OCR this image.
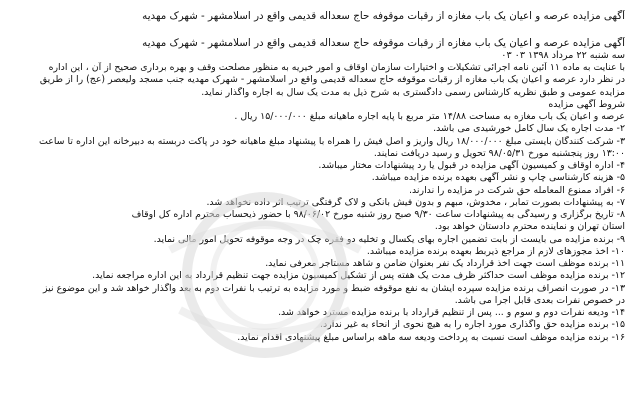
آگهی مزایده عرصه و اعیان یک باب مغازه از رقبات موقوفه حاج سعداله قدیمی واقع در اسلامشهر - شهرک مهدیه
آگهی مزایده عرصه و اعیان یک باب مغازه از رقبات موقوفه حاج سعداله قدیمی واقع در اسلامشهر - شهرک مهدیه
سه شنبه ۲۲ مرداد ۱۳۹۸ ۰۳ ۰۳
با عنایت به ماده ۱۱ آئین نامه اجرائی تشکیلات و اختیارات سازمان اوقاف و امور خیریه به منظور مصلحت وقف و بهره برداری صحیح از آن ، این اداره
در نظر دارد عرصه و اعیان یک باب مغازه از رقبات موقوفه حاج سعداله قدیمی واقع در اسلامشهر - شهرک مهدیه جنب مسجد ولیعصر (عج) را از طریق
مزایده عمومی و طبق نظریه کارشناس رسمی دادگستری به شرح ذیل به مدت یک سال به اجاره واگذار نماید.
شروط آگهی مزایده
عرصه و اعیان یک باب مغازه به مساحت ۱۴/۸۸ متر مربع با پایه اجاره ماهیانه مبلغ ۱۵/۰۰۰/۰۰۰ ریال .
۲- مدت اجاره یک سال کامل خورشیدی می باشد.
۳- شرکت کنندگان بایستی مبلغ ۱۸/۰۰۰/۰۰۰ ریال واریز و اصل فیش را همراه با پیشنهاد مبلغ ماهیانه خود در پاکت دربسته به دبیرخانه این اداره تا ساعت
۱۳:۰۰ روز پنجشنبه مورخ ۹۸/۰۵/۳۱ تحویل و رسید دریافت نمایند.
۴- اداره اوقاف و کمیسیون آگهی مزایده در قبول یا رد پیشنهادات مختار میباشد.
۵- هزینه کارشناسی چاپ و نشر آگهی بعهده برنده مزایده میباشد.
۶- افراد ممنوع المعامله حق شرکت در مزایده را ندارند.
۷- به پیشنهادات بصورت تمابر ، مخدوش، مبهم و بدون فیش بانکی و لاک گرفتگی ترتیب اثر داده نخواهد شد.
۸- تاریخ برگزاری و رسیدگی به پیشنهادات ساعت ۹/۳۰ صبح روز شنبه مورخ ۹۸/۰۶/۰۲ با حضور ذیحساب محترم اداره کل اوقاف
استان تهران و نماینده محترم دادستان خواهد بود.
۹- برنده مزایده می بایست از بابت تضمین اجاره بهای یکسال و تخلیه دو فقره چک در وجه موقوفه تحویل امور مالی نماید.
۱۰- اخذ مجوزهای لازم از مراجع ذیربط بعهده برنده مزایده میباشد.
۱۱- برنده موظف است جهت اخذ قرارداد یک نفر بعنوان ضامن و شاهد مستاجر معرفی نماید.
۱۲- برنده مزایده موظف است حداکثر ظرف مدت یک هفته پس از تشکیل کمیسیون مزایده جهت تنظیم قرارداد به این اداره مراجعه نماید.
۱۳- در صورت انصراف برنده مزایده سپرده ایشان به نفع موقوفه ضبط و مورد مزایده به ترتیب با نفرات دوم به بعد واگذار خواهد شد و این موضوع نیز
در خصوص نفرات بعدی قابل اجرا می باشد.
۱۴- ودیعه نفرات دوم و سوم و ... پس از تنظیم قرارداد با برنده مزایده مسترد خواهد شد.
۱۵- برنده مزایده حق واگذاری مورد اجاره را به هیچ نحوی از انحاء به غیر ندارد.
۱۶- برنده مزایده موظف است نسبت به پرداخت ودیعه سه ماهه براساس مبلغ پیشنهادی اقدام نماید.
